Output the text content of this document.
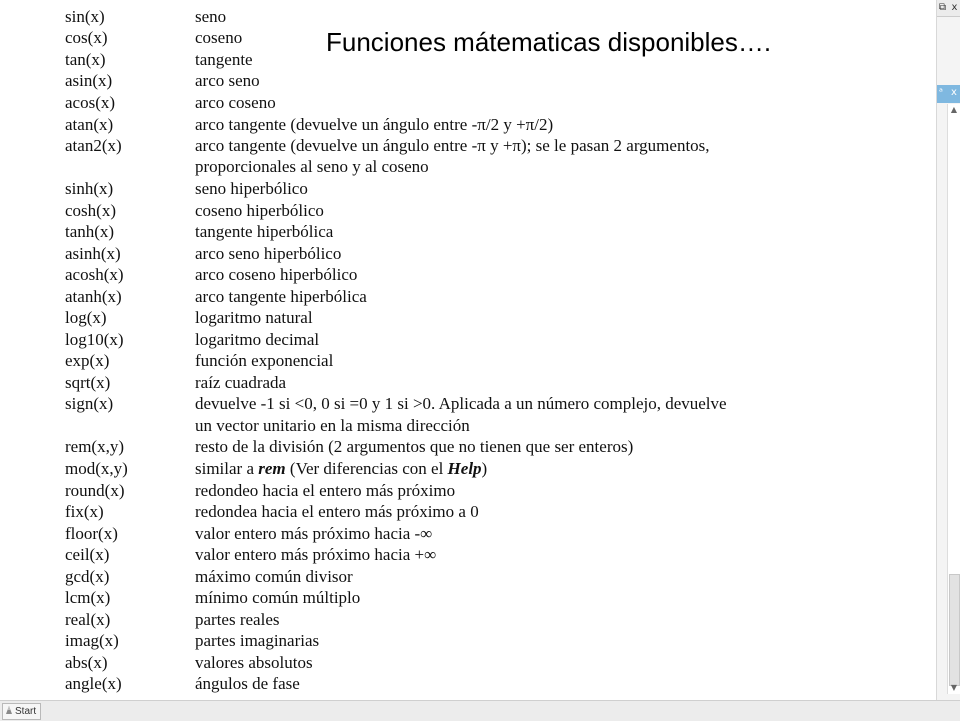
Funciones mátematicas disponibles….
sin(x)	seno
cos(x)	coseno
tan(x)	tangente
asin(x)	arco seno
acos(x)	arco coseno
atan(x)	arco tangente (devuelve un ángulo entre -π/2 y +π/2)
atan2(x)	arco tangente (devuelve un ángulo entre -π y +π); se le pasan 2 argumentos,
proporcionales al seno y al coseno
sinh(x)	seno hiperbólico
cosh(x)	coseno hiperbólico
tanh(x)	tangente hiperbólica
asinh(x)	arco seno hiperbólico
acosh(x)	arco coseno hiperbólico
atanh(x)	arco tangente hiperbólica
log(x)	logaritmo natural
log10(x)	logaritmo decimal
exp(x)	función exponencial
sqrt(x)	raíz cuadrada
sign(x)	devuelve -1 si <0, 0 si =0 y 1 si >0. Aplicada a un número complejo, devuelve
un vector unitario en la misma dirección
rem(x,y)	resto de la división (2 argumentos que no tienen que ser enteros)
mod(x,y)	similar a rem (Ver diferencias con el Help)
round(x)	redondeo hacia el entero más próximo
fix(x)	redondea hacia el entero más próximo a 0
floor(x)	valor entero más próximo hacia -∞
ceil(x)	valor entero más próximo hacia +∞
gcd(x)	máximo común divisor
lcm(x)	mínimo común múltiplo
real(x)	partes reales
imag(x)	partes imaginarias
abs(x)	valores absolutos
angle(x)	ángulos de fase
⧉ x
ᵃ x
▲
▼
Start
